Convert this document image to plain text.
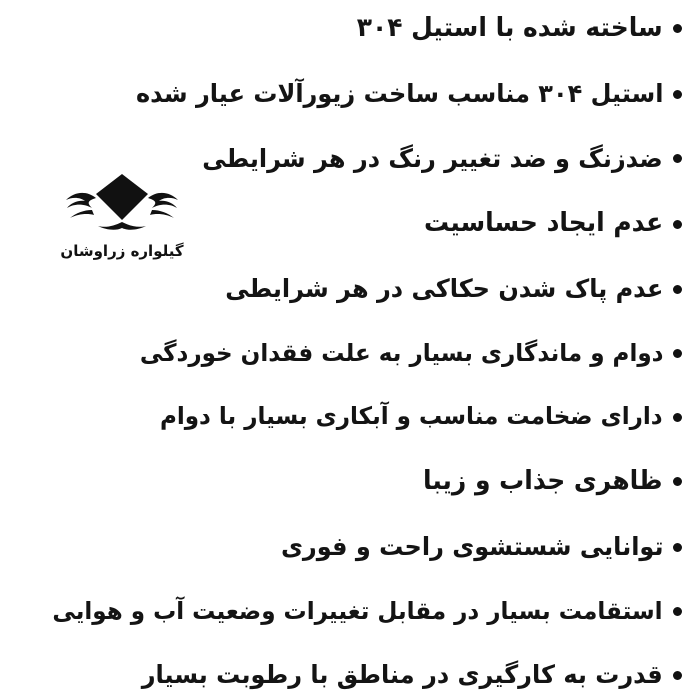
ساخته شده با استیل ۳۰۴
استیل ۳۰۴ مناسب ساخت زیورآلات عیار شده
ضدزنگ و ضد تغییر رنگ در هر شرایطی
عدم ایجاد حساسیت
عدم پاک شدن حکاکی در هر شرایطی
دوام و ماندگاری بسیار به علت فقدان خوردگی
دارای ضخامت مناسب و آبکاری بسیار با دوام
ظاهری جذاب و زیبا
توانایی شستشوی راحت و فوری
استقامت بسیار در مقابل تغییرات وضعیت آب و هوایی
قدرت به کارگیری در مناطق با رطوبت بسیار
گیلواره زراوشان
